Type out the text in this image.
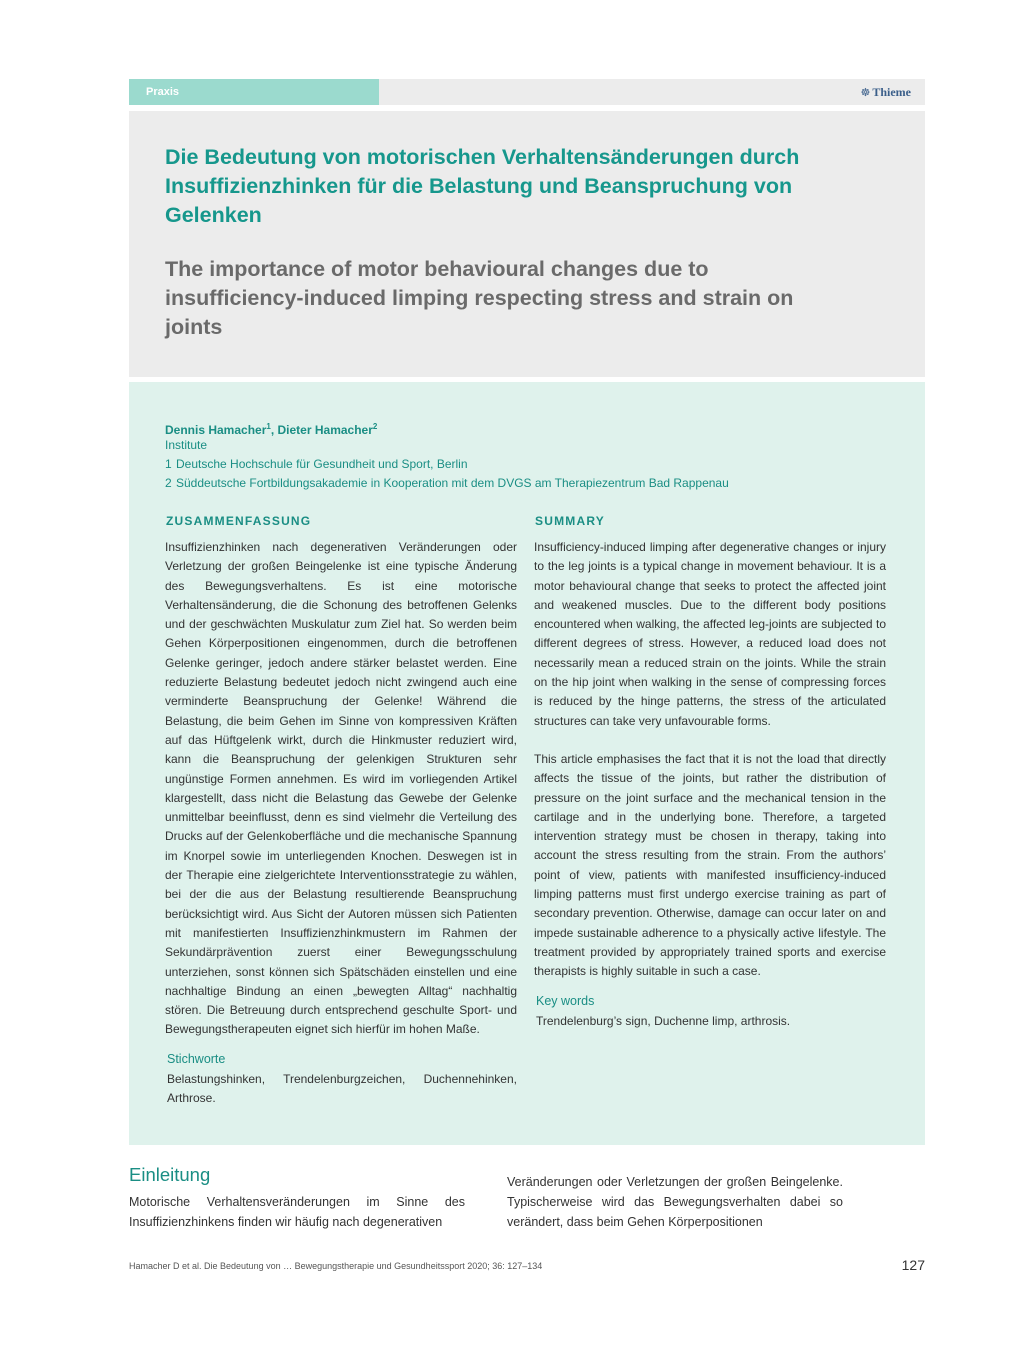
Praxis	☸ Thieme
Die Bedeutung von motorischen Verhaltensänderungen durch Insuffizienzhinken für die Belastung und Beanspruchung von Gelenken
The importance of motor behavioural changes due to insufficiency-induced limping respecting stress and strain on joints

Dennis Hamacher$^1$, Dieter Hamacher$^2$

Institute
1 Deutsche Hochschule für Gesundheit und Sport, Berlin
2 Süddeutsche Fortbildungsakademie in Kooperation mit dem DVGS am Therapiezentrum Bad Rappenau
ZUSAMMENFASSUNG

Insuffizienzhinken nach degenerativen Veränderungen oder Verletzung der großen Beingelenke ist eine typische Änderung des Bewegungsverhaltens. Es ist eine motorische Verhaltensänderung, die die Schonung des betroffenen Gelenks und der geschwächten Muskulatur zum Ziel hat. So werden beim Gehen Körperpositionen eingenommen, durch die betroffenen Gelenke geringer, jedoch andere stärker belastet werden. Eine reduzierte Belastung bedeutet jedoch nicht zwingend auch eine verminderte Beanspruchung der Gelenke! Während die Belastung, die beim Gehen im Sinne von kompressiven Kräften auf das Hüftgelenk wirkt, durch die Hinkmuster reduziert wird, kann die Beanspruchung der gelenkigen Strukturen sehr ungünstige Formen annehmen. Es wird im vorliegenden Artikel klargestellt, dass nicht die Belastung das Gewebe der Gelenke unmittelbar beeinflusst, denn es sind vielmehr die Verteilung des Drucks auf der Gelenkoberfläche und die mechanische Spannung im Knorpel sowie im unterliegenden Knochen. Deswegen ist in der Therapie eine zielgerichtete Interventionsstrategie zu wählen, bei der die aus der Belastung resultierende Beanspruchung berücksichtigt wird. Aus Sicht der Autoren müssen sich Patienten mit manifestierten Insuffizienzhinkmustern im Rahmen der Sekundärprävention zuerst einer Bewegungsschulung unterziehen, sonst können sich Spätschäden einstellen und eine nachhaltige Bindung an einen „bewegten Alltag“ nachhaltig stören. Die Betreuung durch entsprechend geschulte Sport- und Bewegungstherapeuten eignet sich hierfür im hohen Maße.

Stichworte

Belastungshinken, Trendelenburgzeichen, Duchennehinken, Arthrose.

SUMMARY

Insufficiency-induced limping after degenerative changes or injury to the leg joints is a typical change in movement behaviour. It is a motor behavioural change that seeks to protect the affected joint and weakened muscles. Due to the different body positions encountered when walking, the affected leg-joints are subjected to different degrees of stress. However, a reduced load does not necessarily mean a reduced strain on the joints. While the strain on the hip joint when walking in the sense of compressing forces is reduced by the hinge patterns, the stress of the articulated structures can take very unfavourable forms.

This article emphasises the fact that it is not the load that directly affects the tissue of the joints, but rather the distribution of pressure on the joint surface and the mechanical tension in the cartilage and in the underlying bone. Therefore, a targeted intervention strategy must be chosen in therapy, taking into account the stress resulting from the strain. From the authors’ point of view, patients with manifested insufficiency-induced limping patterns must first undergo exercise training as part of secondary prevention. Otherwise, damage can occur later on and impede sustainable adherence to a physically active lifestyle. The treatment provided by appropriately trained sports and exercise therapists is highly suitable in such a case.

Key words

Trendelenburg’s sign, Duchenne limp, arthrosis.

Einleitung

Motorische Verhaltensveränderungen im Sinne des Insuffizienzhinkens finden wir häufig nach degenerativen

Veränderungen oder Verletzungen der großen Beingelenke. Typischerweise wird das Bewegungsverhalten dabei so verändert, dass beim Gehen Körperpositionen

Hamacher D et al. Die Bedeutung von … Bewegungstherapie und Gesundheitssport 2020; 36: 127–134	127
